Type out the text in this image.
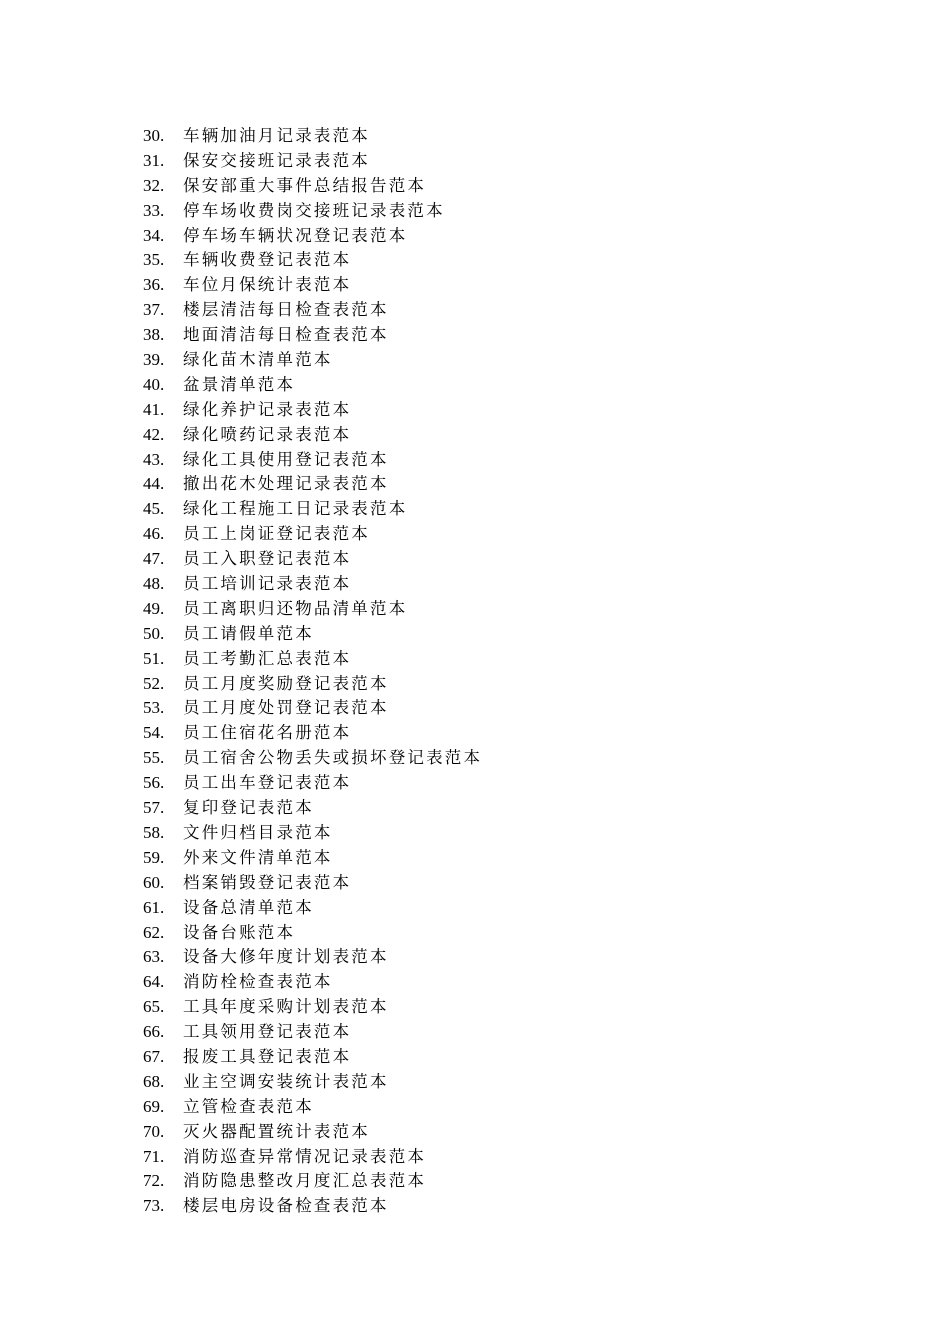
30.	车辆加油月记录表范本
31.	保安交接班记录表范本
32.	保安部重大事件总结报告范本
33.	停车场收费岗交接班记录表范本
34.	停车场车辆状况登记表范本
35.	车辆收费登记表范本
36.	车位月保统计表范本
37.	楼层清洁每日检查表范本
38.	地面清洁每日检查表范本
39.	绿化苗木清单范本
40.	盆景清单范本
41.	绿化养护记录表范本
42.	绿化喷药记录表范本
43.	绿化工具使用登记表范本
44.	撤出花木处理记录表范本
45.	绿化工程施工日记录表范本
46.	员工上岗证登记表范本
47.	员工入职登记表范本
48.	员工培训记录表范本
49.	员工离职归还物品清单范本
50.	员工请假单范本
51.	员工考勤汇总表范本
52.	员工月度奖励登记表范本
53.	员工月度处罚登记表范本
54.	员工住宿花名册范本
55.	员工宿舍公物丢失或损坏登记表范本
56.	员工出车登记表范本
57.	复印登记表范本
58.	文件归档目录范本
59.	外来文件清单范本
60.	档案销毁登记表范本
61.	设备总清单范本
62.	设备台账范本
63.	设备大修年度计划表范本
64.	消防栓检查表范本
65.	工具年度采购计划表范本
66.	工具领用登记表范本
67.	报废工具登记表范本
68.	业主空调安装统计表范本
69.	立管检查表范本
70.	灭火器配置统计表范本
71.	消防巡查异常情况记录表范本
72.	消防隐患整改月度汇总表范本
73.	楼层电房设备检查表范本
